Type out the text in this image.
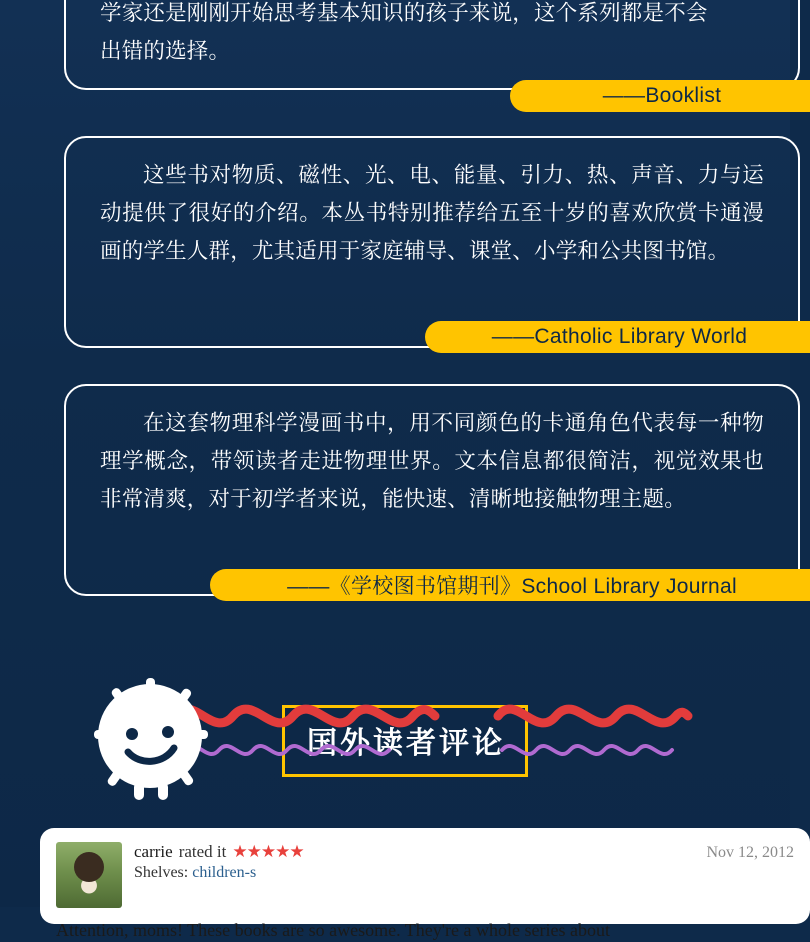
学家还是刚刚开始思考基本知识的孩子来说，这个系列都是不会
出错的选择。
——Booklist
这些书对物质、磁性、光、电、能量、引力、热、声音、力与运动提供了很好的介绍。本丛书特别推荐给五至十岁的喜欢欣赏卡通漫画的学生人群，尤其适用于家庭辅导、课堂、小学和公共图书馆。
——Catholic Library World
在这套物理科学漫画书中，用不同颜色的卡通角色代表每一种物理学概念，带领读者走进物理世界。文本信息都很简洁，视觉效果也非常清爽，对于初学者来说，能快速、清晰地接触物理主题。
——《学校图书馆期刊》School Library Journal
国外读者评论
carrie rated it ★★★★★	Nov 12, 2012
Shelves: children-s
Attention, moms! These books are so awesome. They're a whole series about
